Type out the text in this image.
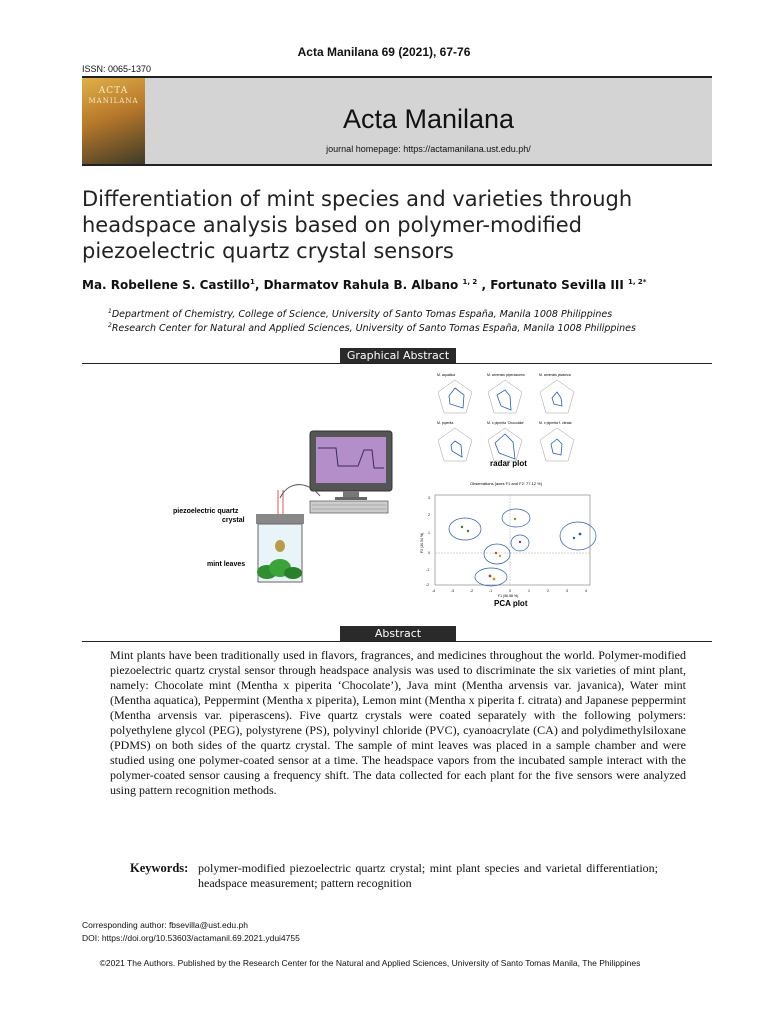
Acta Manilana 69 (2021), 67-76
ISSN: 0065-1370
ACTA
MANILANA
Acta Manilana
journal homepage: https://actamanilana.ust.edu.ph/
Differentiation of mint species and varieties through
headspace analysis based on polymer-modified
piezoelectric quartz crystal sensors
Ma. Robellene S. Castillo$^1$, Dharmatov Rahula B. Albano $^{1, 2}$ , Fortunato Sevilla III $^{1, 2*}$
$^1$Department of Chemistry, College of Science, University of Santo Tomas España, Manila 1008 Philippines
$^2$Research Center for Natural and Applied Sciences, University of Santo Tomas España, Manila 1008 Philippines
Graphical Abstract
piezoelectric quartz
crystal
mint leaves
M. aquatica	M. arvensis piperascens	M. arvensis javanica
M. piperita	M. x piperita 'Chocolate'	M. x piperita f. citrata
radar plot
Observations (axes F1 and F2: 77.12 %)
3
2
1
0
-1
-2
-4	-3	-2	-1	0	1	2	3	4
F1 (56.58 %)
F2 (20.54 %)
PCA plot
Abstract
Mint plants have been traditionally used in flavors, fragrances, and medicines throughout the world. Polymer-modified piezoelectric quartz crystal sensor through headspace analysis was used to discriminate the six varieties of mint plant, namely: Chocolate mint (Mentha x piperita ‘Chocolate’), Java mint (Mentha arvensis var. javanica), Water mint (Mentha aquatica), Peppermint (Mentha x piperita), Lemon mint (Mentha x piperita f. citrata) and Japanese peppermint (Mentha arvensis var. piperascens). Five quartz crystals were coated separately with the following polymers: polyethylene glycol (PEG), polystyrene (PS), polyvinyl chloride (PVC), cyanoacrylate (CA) and polydimethylsiloxane (PDMS) on both sides of the quartz crystal. The sample of mint leaves was placed in a sample chamber and were studied using one polymer-coated sensor at a time. The headspace vapors from the incubated sample interact with the polymer-coated sensor causing a frequency shift. The data collected for each plant for the five sensors were analyzed using pattern recognition methods.
Keywords: polymer-modified piezoelectric quartz crystal; mint plant species and varietal differentiation; headspace measurement; pattern recognition
Corresponding author: fbsevilla@ust.edu.ph
DOI: https://doi.org/10.53603/actamanil.69.2021.ydui4755
©2021 The Authors. Published by the Research Center for the Natural and Applied Sciences, University of Santo Tomas Manila, The Philippines
